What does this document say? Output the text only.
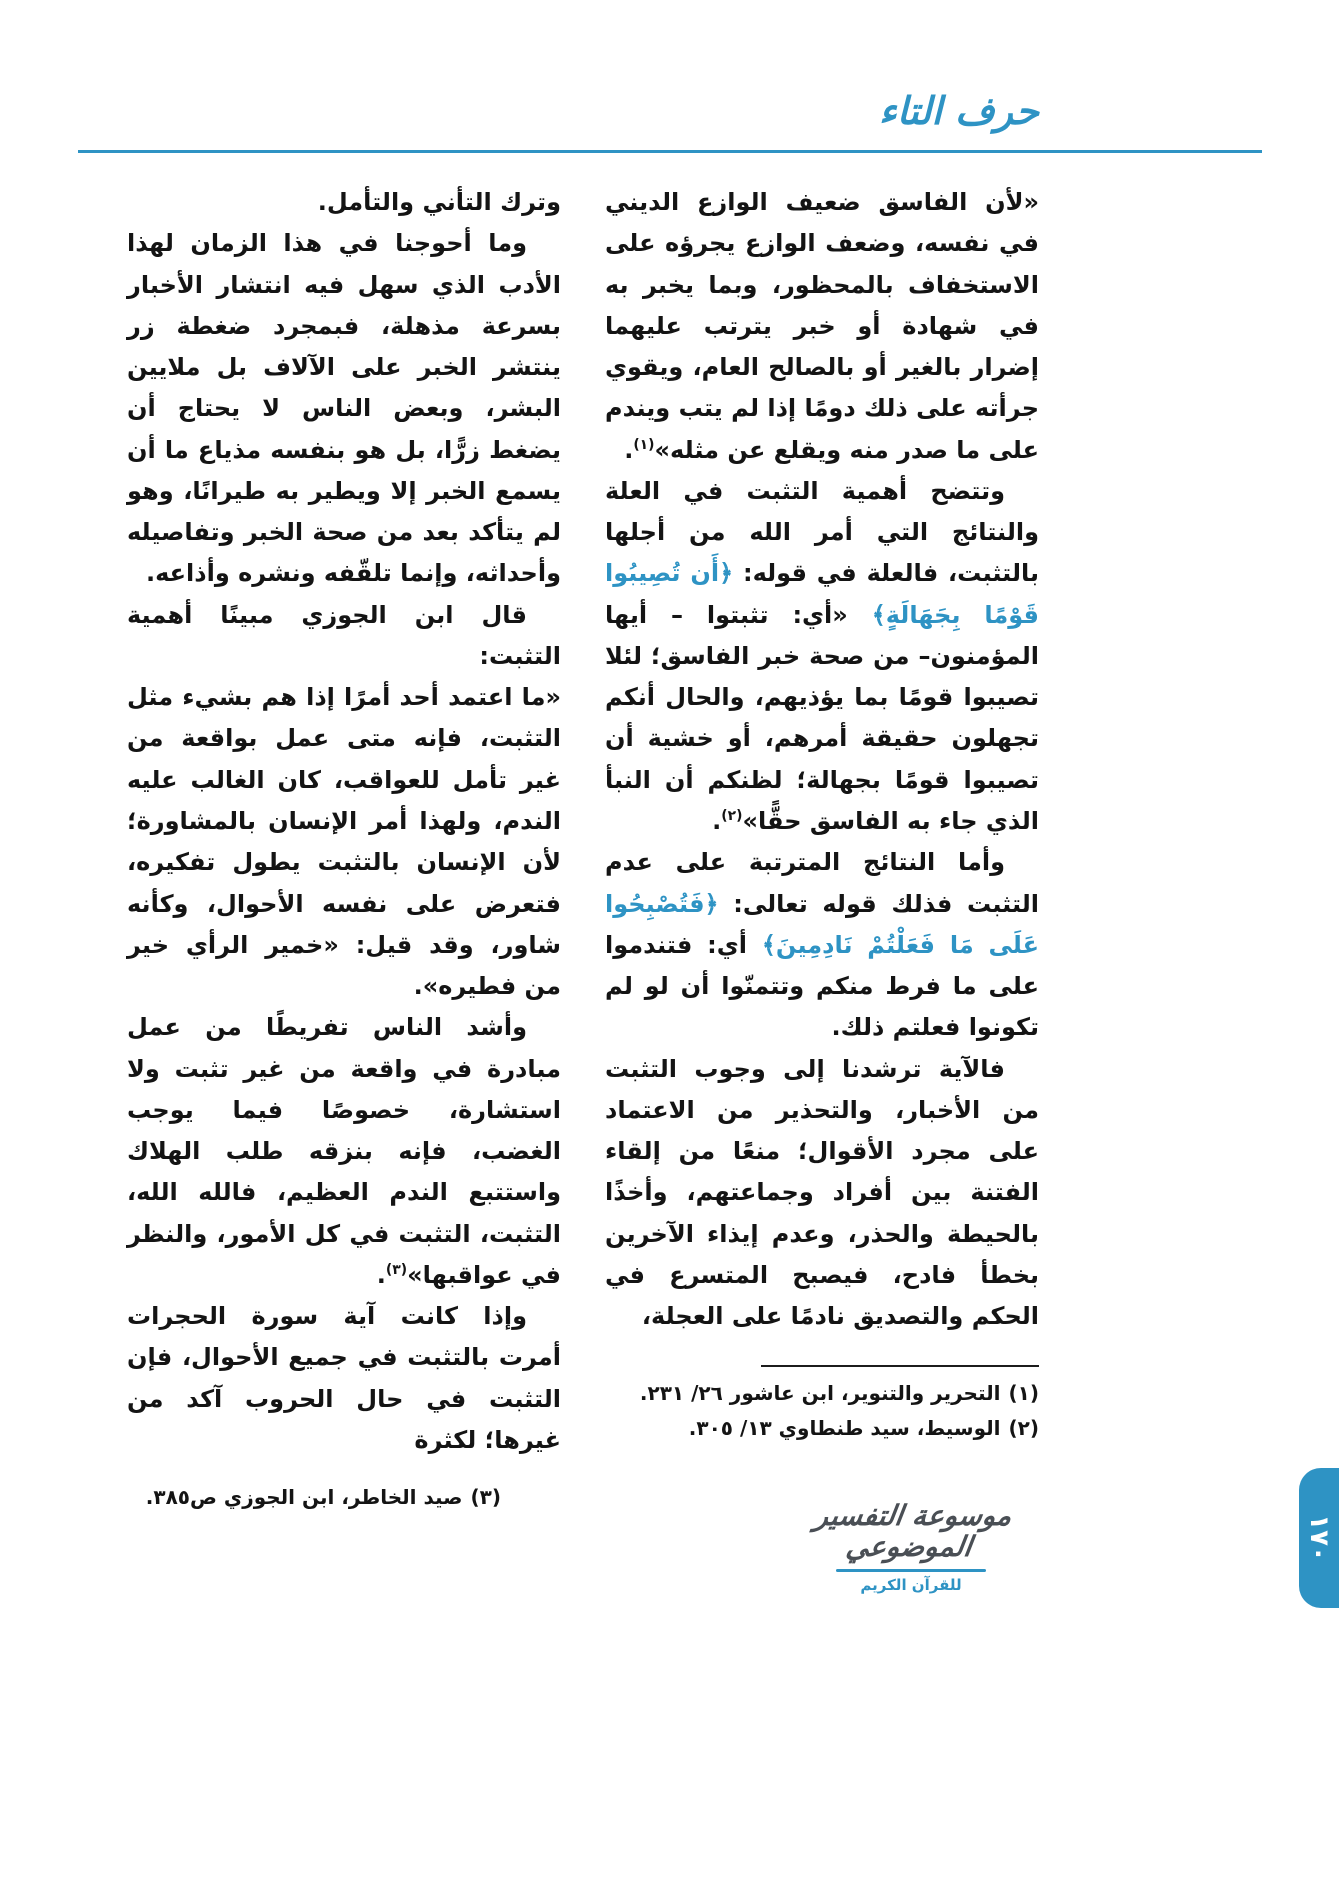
حرف التاء

«لأن الفاسق ضعيف الوازع الديني في نفسه، وضعف الوازع يجرؤه على الاستخفاف بالمحظور، وبما يخبر به في شهادة أو خبر يترتب عليهما إضرار بالغير أو بالصالح العام، ويقوي جرأته على ذلك دومًا إذا لم يتب ويندم على ما صدر منه ويقلع عن مثله»$^{(١)}$.

وتتضح أهمية التثبت في العلة والنتائج التي أمر الله من أجلها بالتثبت، فالعلة في قوله: ﴿أَن تُصِيبُوا قَوْمًا بِجَهَالَةٍ﴾ «أي: تثبتوا – أيها المؤمنون– من صحة خبر الفاسق؛ لئلا تصيبوا قومًا بما يؤذيهم، والحال أنكم تجهلون حقيقة أمرهم، أو خشية أن تصيبوا قومًا بجهالة؛ لظنكم أن النبأ الذي جاء به الفاسق حقًّا»$^{(٢)}$.

وأما النتائج المترتبة على عدم التثبت فذلك قوله تعالى: ﴿فَتُصْبِحُوا عَلَى مَا فَعَلْتُمْ نَادِمِينَ﴾ أي: فتندموا على ما فرط منكم وتتمنّوا أن لو لم تكونوا فعلتم ذلك.

فالآية ترشدنا إلى وجوب التثبت من الأخبار، والتحذير من الاعتماد على مجرد الأقوال؛ منعًا من إلقاء الفتنة بين أفراد وجماعتهم، وأخذًا بالحيطة والحذر، وعدم إيذاء الآخرين بخطأ فادح، فيصبح المتسرع في الحكم والتصديق نادمًا على العجلة،

(١)التحرير والتنوير، ابن عاشور ٢٦/ ٢٣١.

(٢)الوسيط، سيد طنطاوي ١٣/ ٣٠٥.

وترك التأني والتأمل.

وما أحوجنا في هذا الزمان لهذا الأدب الذي سهل فيه انتشار الأخبار بسرعة مذهلة، فبمجرد ضغطة زر ينتشر الخبر على الآلاف بل ملايين البشر، وبعض الناس لا يحتاج أن يضغط زرًّا، بل هو بنفسه مذياع ما أن يسمع الخبر إلا ويطير به طيرانًا، وهو لم يتأكد بعد من صحة الخبر وتفاصيله وأحداثه، وإنما تلقّفه ونشره وأذاعه.

قال ابن الجوزي مبينًا أهمية التثبت:

«ما اعتمد أحد أمرًا إذا هم بشيء مثل التثبت، فإنه متى عمل بواقعة من غير تأمل للعواقب، كان الغالب عليه الندم، ولهذا أمر الإنسان بالمشاورة؛ لأن الإنسان بالتثبت يطول تفكيره، فتعرض على نفسه الأحوال، وكأنه شاور، وقد قيل: «خمير الرأي خير من فطيره».

وأشد الناس تفريطًا من عمل مبادرة في واقعة من غير تثبت ولا استشارة، خصوصًا فيما يوجب الغضب، فإنه بنزقه طلب الهلاك واستتبع الندم العظيم، فالله الله، التثبت، التثبت في كل الأمور، والنظر في عواقبها»$^{(٣)}$.

وإذا كانت آية سورة الحجرات أمرت بالتثبت في جميع الأحوال، فإن التثبت في حال الحروب آكد من غيرها؛ لكثرة

(٣)صيد الخاطر، ابن الجوزي ص٣٨٥.

موسوعة التفسير الموضوعي
للقرآن الكريم
١٧٠
